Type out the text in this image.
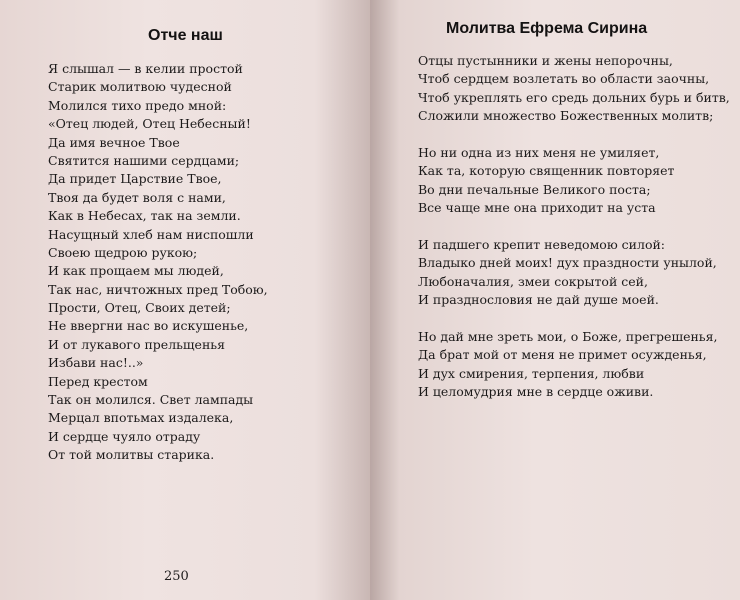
Отче наш
Я слышал — в келии простой
Старик молитвою чудесной
Молился тихо предо мной:
«Отец людей, Отец Небесный!
Да имя вечное Твое
Святится нашими сердцами;
Да придет Царствие Твое,
Твоя да будет воля с нами,
Как в Небесах, так на земли.
Насущный хлеб нам ниспошли
Своею щедрою рукою;
И как прощаем мы людей,
Так нас, ничтожных пред Тобою,
Прости, Отец, Своих детей;
Не ввергни нас во искушенье,
И от лукавого прельщенья
Избави нас!..»
Перед крестом
Так он молился. Свет лампады
Мерцал впотьмах издалека,
И сердце чуяло отраду
От той молитвы старика.
250
Молитва Ефрема Сирина
Отцы пустынники и жены непорочны,
Чтоб сердцем возлетать во области заочны,
Чтоб укреплять его средь дольних бурь и битв,
Сложили множество Божественных молитв;
Но ни одна из них меня не умиляет,
Как та, которую священник повторяет
Во дни печальные Великого поста;
Все чаще мне она приходит на уста
И падшего крепит неведомою силой:
Владыко дней моих! дух праздности унылой,
Любоначалия, змеи сокрытой сей,
И празднословия не дай душе моей.
Но дай мне зреть мои, о Боже, прегрешенья,
Да брат мой от меня не примет осужденья,
И дух смирения, терпения, любви
И целомудрия мне в сердце оживи.
